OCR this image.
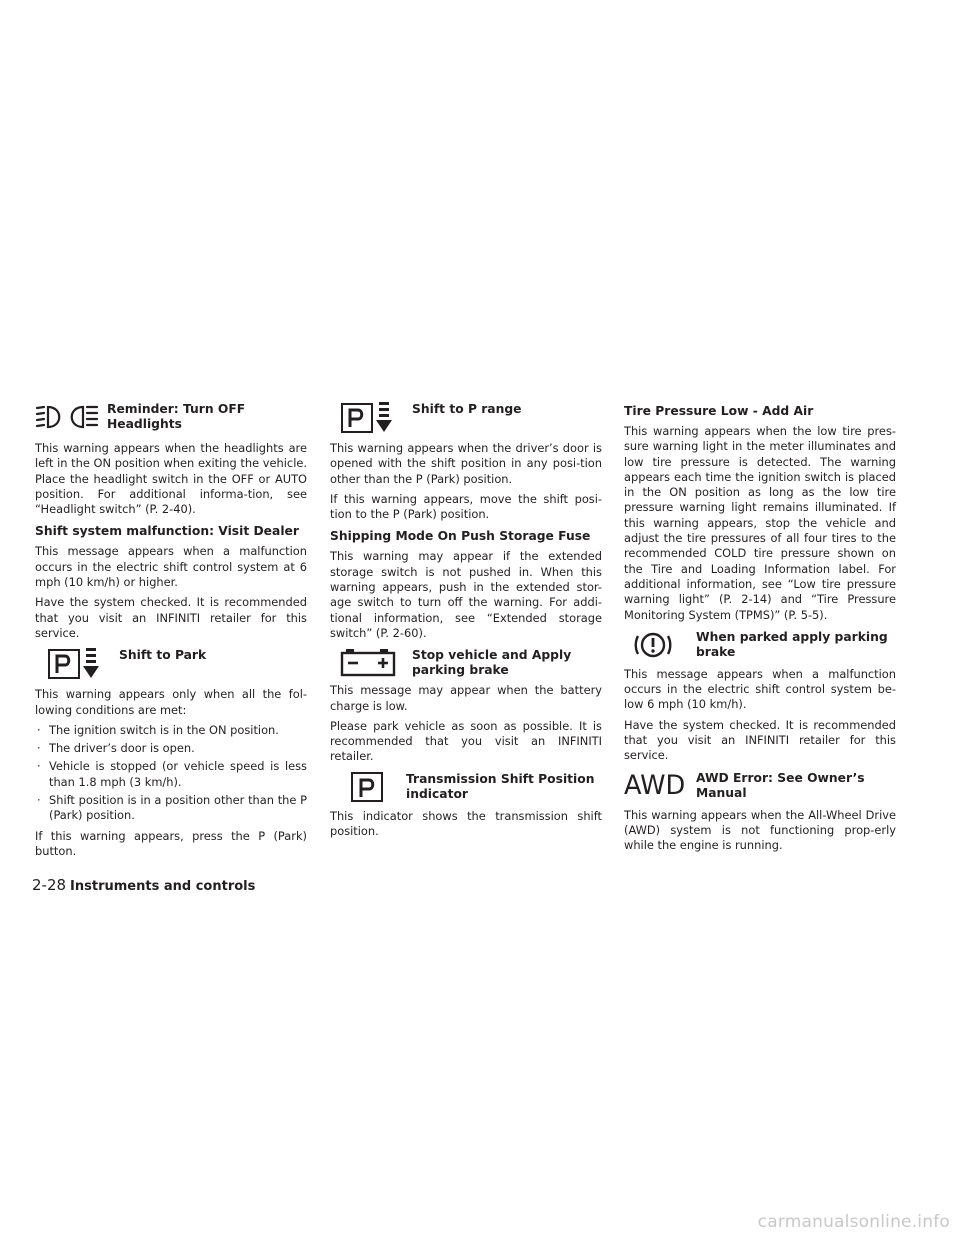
Reminder: Turn OFF Headlights

This warning appears when the headlights are left in the ON position when exiting the vehicle. Place the headlight switch in the OFF or AUTO position. For additional informa-tion, see “Headlight switch” (P. 2-40).

Shift system malfunction: Visit Dealer

This message appears when a malfunction occurs in the electric shift control system at 6 mph (10 km/h) or higher.

Have the system checked. It is recommended that you visit an INFINITI retailer for this service.

Shift to Park

This warning appears only when all the fol-lowing conditions are met:

· The ignition switch is in the ON position.
· The driver’s door is open.
· Vehicle is stopped (or vehicle speed is less than 1.8 mph (3 km/h).
· Shift position is in a position other than the P (Park) position.

If this warning appears, press the P (Park) button.

Shift to P range

This warning appears when the driver’s door is opened with the shift position in any posi-tion other than the P (Park) position.

If this warning appears, move the shift posi-tion to the P (Park) position.

Shipping Mode On Push Storage Fuse

This warning may appear if the extended storage switch is not pushed in. When this warning appears, push in the extended stor-age switch to turn off the warning. For addi-tional information, see “Extended storage switch” (P. 2-60).

Stop vehicle and Apply parking brake

This message may appear when the battery charge is low.

Please park vehicle as soon as possible. It is recommended that you visit an INFINITI retailer.

Transmission Shift Position indicator

This indicator shows the transmission shift position.

Tire Pressure Low - Add Air

This warning appears when the low tire pres-sure warning light in the meter illuminates and low tire pressure is detected. The warning appears each time the ignition switch is placed in the ON position as long as the low tire pressure warning light remains illuminated. If this warning appears, stop the vehicle and adjust the tire pressures of all four tires to the recommended COLD tire pressure shown on the Tire and Loading Information label. For additional information, see “Low tire pressure warning light” (P. 2-14) and “Tire Pressure Monitoring System (TPMS)” (P. 5-5).

When parked apply parking brake

This message appears when a malfunction occurs in the electric shift control system be-low 6 mph (10 km/h).

Have the system checked. It is recommended that you visit an INFINITI retailer for this service.

AWD AWD Error: See Owner’s Manual

This warning appears when the All-Wheel Drive (AWD) system is not functioning prop-erly while the engine is running.

2-28 Instruments and controls
carmanualsonline.info
